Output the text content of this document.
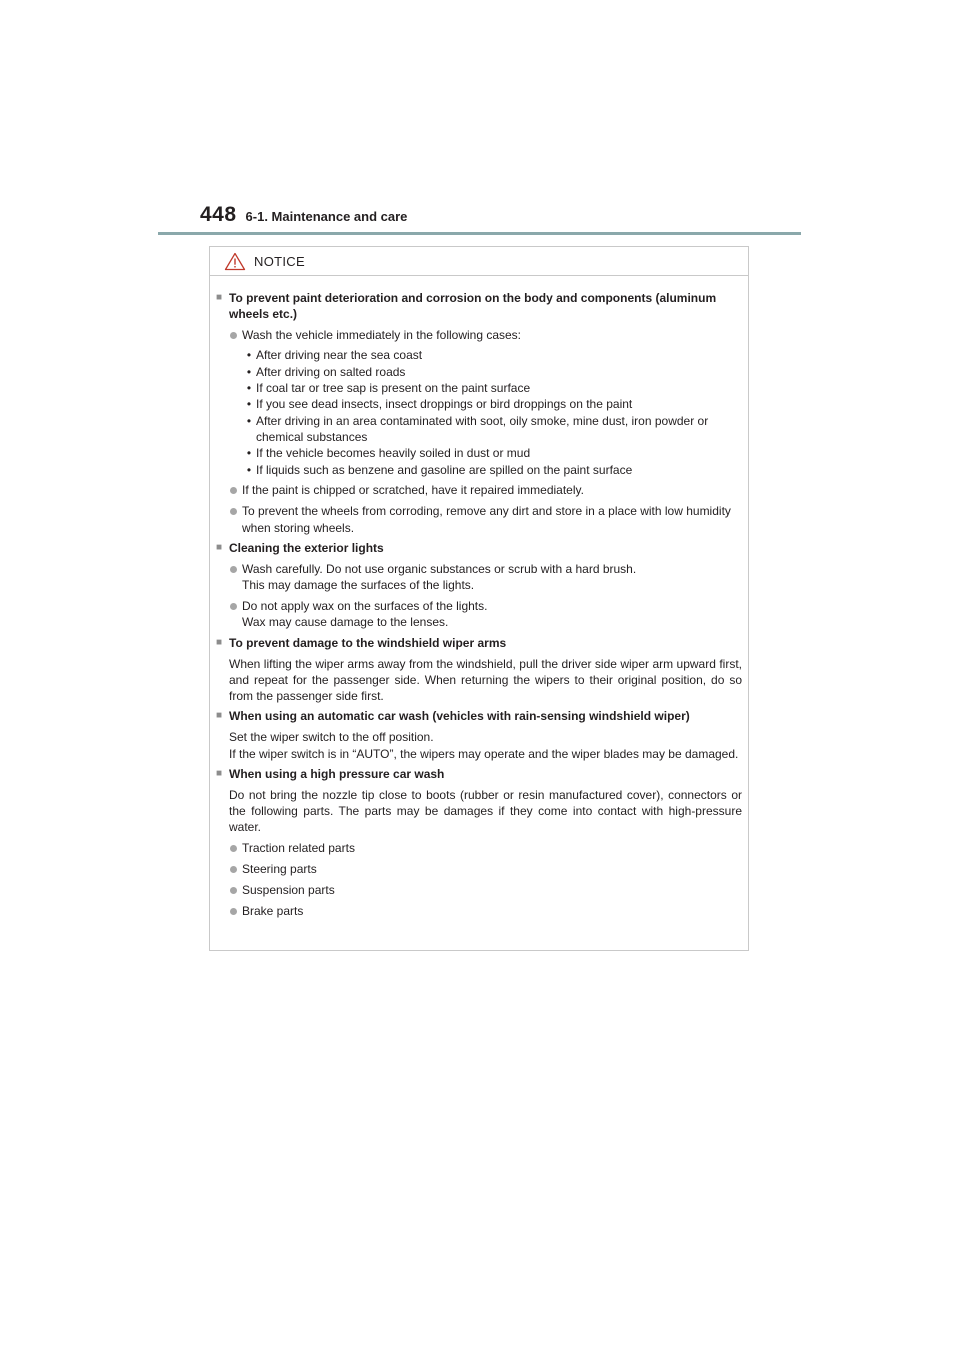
448 6-1. Maintenance and care
NOTICE
■ To prevent paint deterioration and corrosion on the body and components (aluminum wheels etc.)
Wash the vehicle immediately in the following cases:
• After driving near the sea coast
• After driving on salted roads
• If coal tar or tree sap is present on the paint surface
• If you see dead insects, insect droppings or bird droppings on the paint
• After driving in an area contaminated with soot, oily smoke, mine dust, iron powder or chemical substances
• If the vehicle becomes heavily soiled in dust or mud
• If liquids such as benzene and gasoline are spilled on the paint surface
If the paint is chipped or scratched, have it repaired immediately.
To prevent the wheels from corroding, remove any dirt and store in a place with low humidity when storing wheels.
■ Cleaning the exterior lights
Wash carefully. Do not use organic substances or scrub with a hard brush.
This may damage the surfaces of the lights.
Do not apply wax on the surfaces of the lights.
Wax may cause damage to the lenses.
■ To prevent damage to the windshield wiper arms
When lifting the wiper arms away from the windshield, pull the driver side wiper arm upward first, and repeat for the passenger side. When returning the wipers to their original position, do so from the passenger side first.
■ When using an automatic car wash (vehicles with rain-sensing windshield wiper)
Set the wiper switch to the off position.
If the wiper switch is in “AUTO”, the wipers may operate and the wiper blades may be damaged.
■ When using a high pressure car wash
Do not bring the nozzle tip close to boots (rubber or resin manufactured cover), connectors or the following parts. The parts may be damages if they come into contact with high-pressure water.
Traction related parts
Steering parts
Suspension parts
Brake parts
